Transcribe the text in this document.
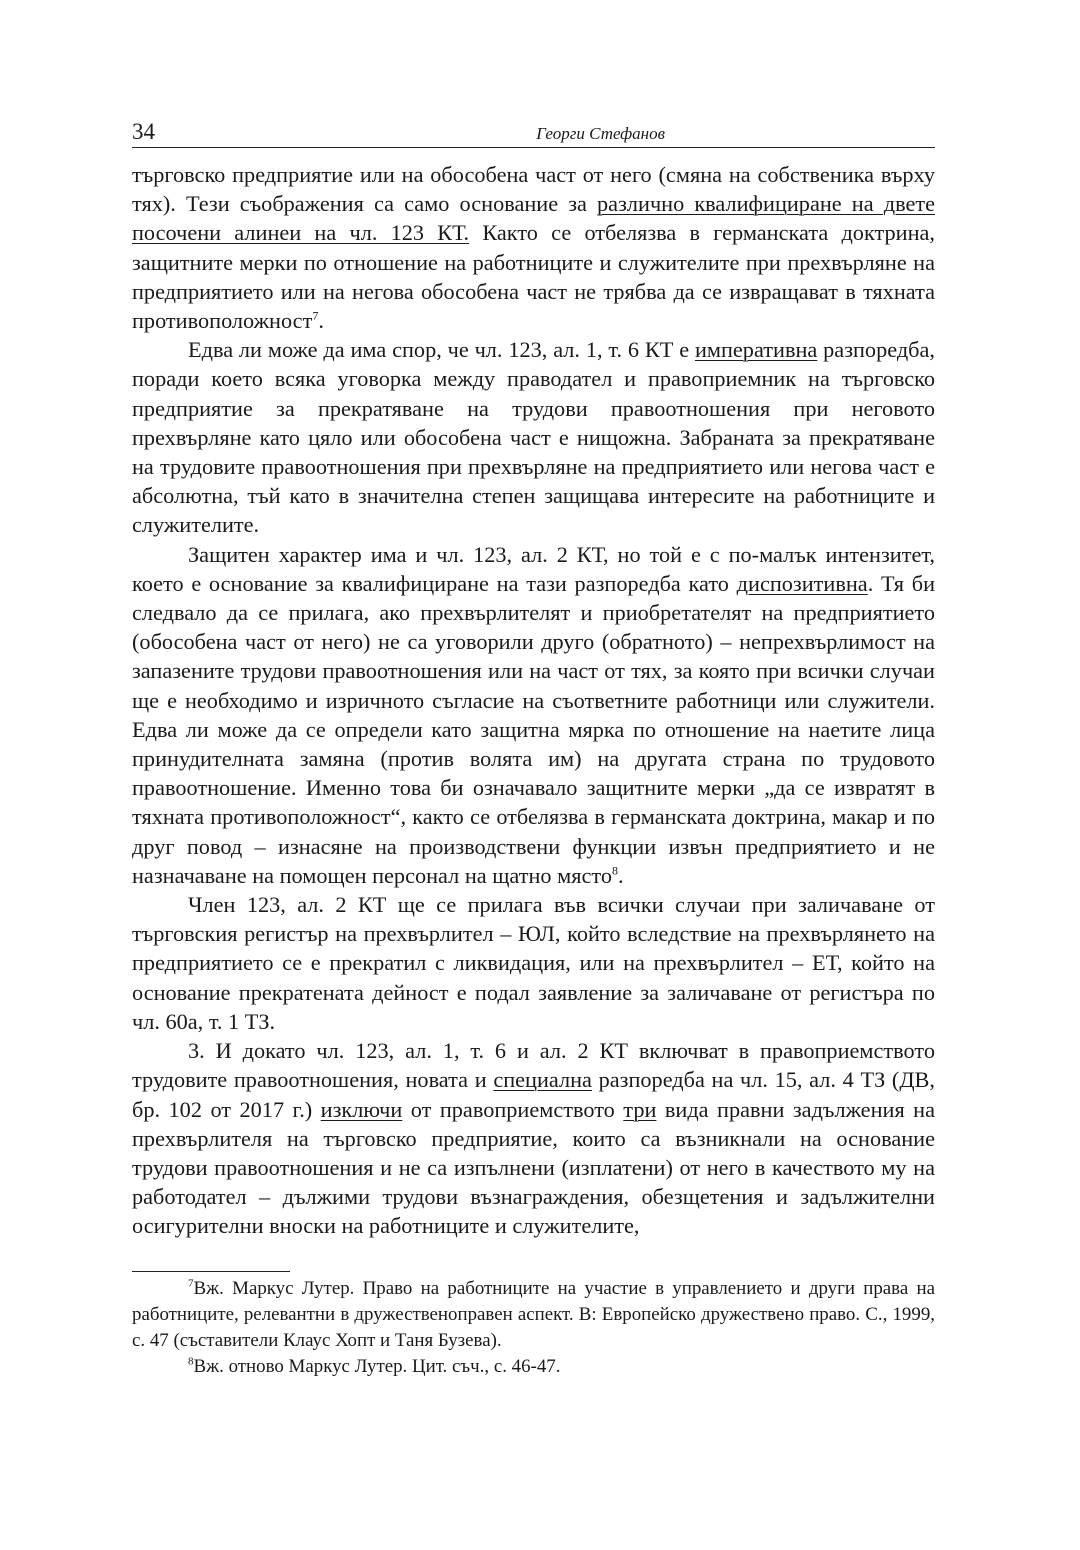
34	Георги Стефанов

търговско предприятие или на обособена част от него (смяна на собственика върху тях). Тези съображения са само основание за различно квалифициране на двете посочени алинеи на чл. 123 КТ. Както се отбелязва в германската доктрина, защитните мерки по отношение на работниците и служителите при прехвърляне на предприятието или на негова обособена част не трябва да се извращават в тяхната противоположност$^7$.

Едва ли може да има спор, че чл. 123, ал. 1, т. 6 КТ е императивна разпоредба, поради което всяка уговорка между праводател и правоприемник на търговско предприятие за прекратяване на трудови правоотношения при неговото прехвърляне като цяло или обособена част е нищожна. Забраната за прекратяване на трудовите правоотношения при прехвърляне на предприятието или негова част е абсолютна, тъй като в значителна степен защищава интересите на работниците и служителите.

Защитен характер има и чл. 123, ал. 2 КТ, но той е с по-малък интензитет, което е основание за квалифициране на тази разпоредба като диспозитивна. Тя би следвало да се прилага, ако прехвърлителят и приобретателят на предприятието (обособена част от него) не са уговорили друго (обратното) – непрехвърлимост на запазените трудови правоотношения или на част от тях, за която при всички случаи ще е необходимо и изричното съгласие на съответните работници или служители. Едва ли може да се определи като защитна мярка по отношение на наетите лица принудителната замяна (против волята им) на другата страна по трудовото правоотношение. Именно това би означавало защитните мерки „да се извратят в тяхната противоположност“, както се отбелязва в германската доктрина, макар и по друг повод – изнасяне на производствени функции извън предприятието и не назначаване на помощен персонал на щатно място$^8$.

Член 123, ал. 2 КТ ще се прилага във всички случаи при заличаване от търговския регистър на прехвърлител – ЮЛ, който вследствие на прехвърлянето на предприятието се е прекратил с ликвидация, или на прехвърлител – ЕТ, който на основание прекратената дейност е подал заявление за заличаване от регистъра по чл. 60а, т. 1 ТЗ.

3. И докато чл. 123, ал. 1, т. 6 и ал. 2 КТ включват в правоприемството трудовите правоотношения, новата и специална разпоредба на чл. 15, ал. 4 ТЗ (ДВ, бр. 102 от 2017 г.) изключи от правоприемството три вида правни задължения на прехвърлителя на търговско предприятие, които са възникнали на основание трудови правоотношения и не са изпълнени (изплатени) от него в качеството му на работодател – дължими трудови възнаграждения, обезщетения и задължителни осигурителни вноски на работниците и служителите,

$^7$Вж. Маркус Лутер. Право на работниците на участие в управлението и други права на работниците, релевантни в дружественоправен аспект. В: Европейско дружествено право. С., 1999, с. 47 (съставители Клаус Хопт и Таня Бузева).

$^8$Вж. отново Маркус Лутер. Цит. съч., с. 46-47.
